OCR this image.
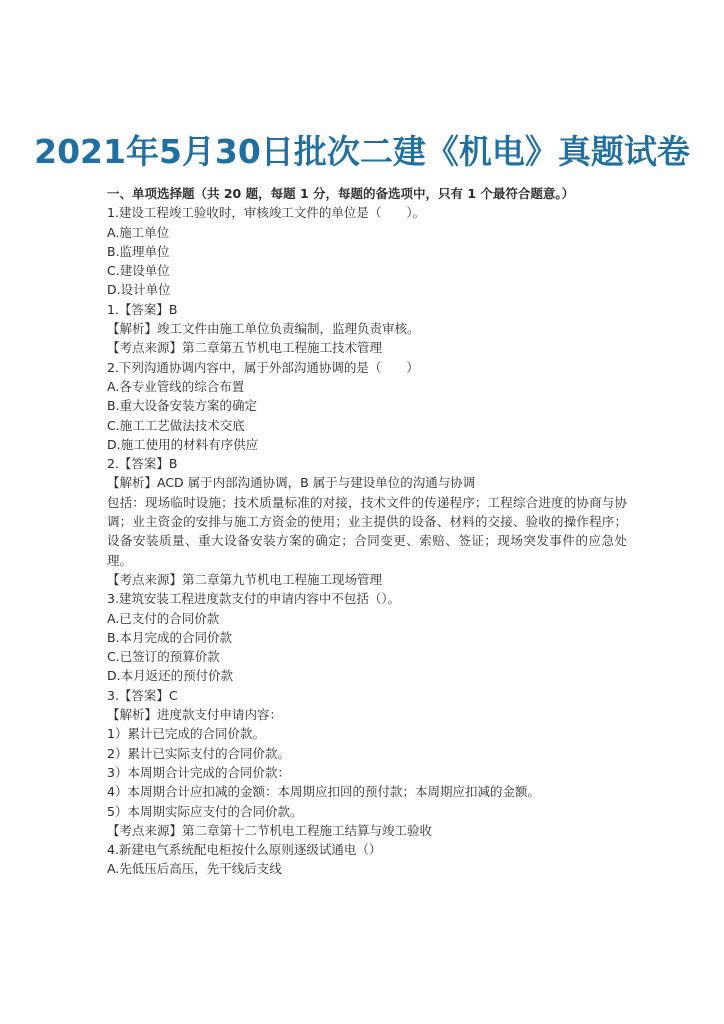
2021年5月30日批次二建《机电》真题试卷
一、单项选择题（共 20 题，每题 1 分，每题的备选项中，只有 1 个最符合题意。）
1.建设工程竣工验收时，审核竣工文件的单位是（　　）。
A.施工单位
B.监理单位
C.建设单位
D.设计单位
1.【答案】B
【解析】竣工文件由施工单位负责编制，监理负责审核。
【考点来源】第二章第五节机电工程施工技术管理
2.下列沟通协调内容中，属于外部沟通协调的是（　　）
A.各专业管线的综合布置
B.重大设备安装方案的确定
C.施工工艺做法技术交底
D.施工使用的材料有序供应
2.【答案】B
【解析】ACD 属于内部沟通协调，B 属于与建设单位的沟通与协调
包括：现场临时设施；技术质量标准的对接，技术文件的传递程序；工程综合进度的协商与协调；业主资金的安排与施工方资金的使用；业主提供的设备、材料的交接、验收的操作程序；设备安装质量、重大设备安装方案的确定；合同变更、索赔、签证；现场突发事件的应急处理。
【考点来源】第二章第九节机电工程施工现场管理
3.建筑安装工程进度款支付的申请内容中不包括（）。
A.已支付的合同价款
B.本月完成的合同价款
C.已签订的预算价款
D.本月返还的预付价款
3.【答案】C
【解析】进度款支付申请内容：
1）累计已完成的合同价款。
2）累计已实际支付的合同价款。
3）本周期合计完成的合同价款：
4）本周期合计应扣减的金额：本周期应扣回的预付款；本周期应扣减的金额。
5）本周期实际应支付的合同价款。
【考点来源】第二章第十二节机电工程施工结算与竣工验收
4.新建电气系统配电柜按什么原则逐级试通电（）
A.先低压后高压，先干线后支线
